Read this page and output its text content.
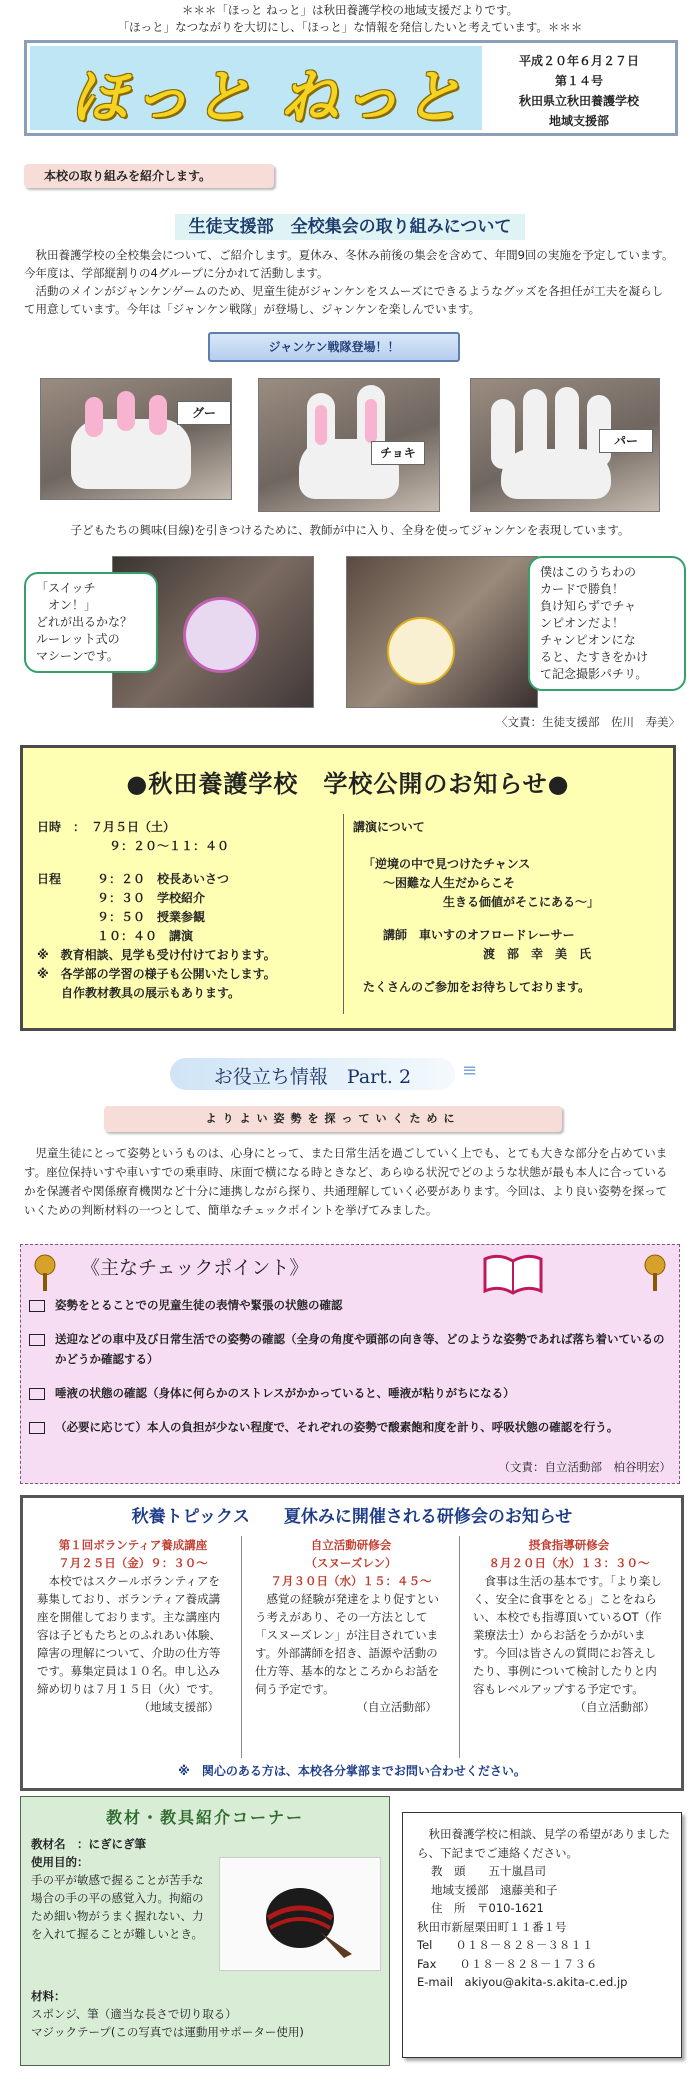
＊＊＊「ほっと ねっと」は秋田養護学校の地域支援だよりです。
「ほっと」なつながりを大切にし、「ほっと」な情報を発信したいと考えています。＊＊＊
ほっと ねっと
平成２０年６月２７日
第１４号
秋田県立秋田養護学校
地域支援部
本校の取り組みを紹介します。
生徒支援部　全校集会の取り組みについて
秋田養護学校の全校集会について、ご紹介します。夏休み、冬休み前後の集会を含めて、年間9回の実施を予定しています。今年度は、学部縦割りの4グループに分かれて活動します。
活動のメインがジャンケンゲームのため、児童生徒がジャンケンをスムーズにできるようなグッズを各担任が工夫を凝らして用意しています。今年は「ジャンケン戦隊」が登場し、ジャンケンを楽しんでいます。
ジャンケン戦隊登場！！
グー
チョキ
パー
子どもたちの興味(目線)を引きつけるために、教師が中に入り、全身を使ってジャンケンを表現しています。
「スイッチ
　オン！」
どれが出るかな？
ルーレット式の
マシーンです。
僕はこのうちわの
カードで勝負！
負け知らずでチャ
ンピオンだよ！
チャンピオンにな
ると、たすきをかけ
て記念撮影パチリ。
〈文責：生徒支援部　佐川　寿美〉
●秋田養護学校　学校公開のお知らせ●
日時　：　７月５日（土）
９：２０～１１：４０
日程	９：２０　校長あいさつ
９：３０　学校紹介
９：５０　授業参観
１０：４０　講演
※　教育相談、見学も受け付けております。
※　各学部の学習の様子も公開いたします。
　　自作教材教具の展示もあります。
講演について
「逆境の中で見つけたチャンス
～困難な人生だからこそ
生きる価値がそこにある～」
講師　車いすのオフロードレーサー
渡　部　幸　美　氏
たくさんのご参加をお待ちしております。
お役立ち情報　Part. 2	≡
よりよい姿勢を探っていくために
児童生徒にとって姿勢というものは、心身にとって、また日常生活を過ごしていく上でも、とても大きな部分を占めています。座位保持いすや車いすでの乗車時、床面で横になる時ときなど、あらゆる状況でどのような状態が最も本人に合っているかを保護者や関係療育機関など十分に連携しながら探り、共通理解していく必要があります。今回は、より良い姿勢を探っていくための判断材料の一つとして、簡単なチェックポイントを挙げてみました。
《主なチェックポイント》
姿勢をとることでの児童生徒の表情や緊張の状態の確認
送迎などの車中及び日常生活での姿勢の確認（全身の角度や頭部の向き等、どのような姿勢であれば落ち着いているのかどうか確認する）
唾液の状態の確認（身体に何らかのストレスがかかっていると、唾液が粘りがちになる）
（必要に応じて）本人の負担が少ない程度で、それぞれの姿勢で酸素飽和度を計り、呼吸状態の確認を行う。
（文責：自立活動部　柏谷明宏）
秋養トピックス　　夏休みに開催される研修会のお知らせ
第１回ボランティア養成講座
７月２５日（金）９：３０～
本校ではスクールボランティアを募集しており、ボランティア養成講座を開催しております。主な講座内容は子どもたちとのふれあい体験、障害の理解について、介助の仕方等です。募集定員は１０名。申し込み締め切りは７月１５日（火）です。
（地域支援部）
自立活動研修会
（スヌーズレン）
７月３０日（水）１５：４５～
感覚の経験が発達をより促すという考えがあり、その一方法として「スヌーズレン」が注目されています。外部講師を招き、語源や活動の仕方等、基本的なところからお話を伺う予定です。
（自立活動部）
摂食指導研修会
８月２０日（水）１３：３０～
食事は生活の基本です。「より楽しく、安全に食事をとる」ことをねらい、本校でも指導頂いているOT（作業療法士）からお話をうかがいます。今回は皆さんの質問にお答えしたり、事例について検討したりと内容もレベルアップする予定です。
（自立活動部）
※　関心のある方は、本校各分掌部までお問い合わせください。
教材・教具紹介コーナー
教材名　：にぎにぎ筆
使用目的：
手の平が敏感で握ることが苦手な場合の手の平の感覚入力。拘縮のため細い物がうまく握れない、力を入れて握ることが難しいとき。
材料：
スポンジ、筆（適当な長さで切り取る）
マジックテープ(この写真では運動用サポーター使用)
秋田養護学校に相談、見学の希望がありましたら、下記までご連絡ください。
教　頭　　五十嵐昌司
地域支援部　遠藤美和子
住　所　〒010-1621
秋田市新屋栗田町１１番１号
Tel　　０１８－８２８－３８１１
Fax　　０１８－８２８－１７３６
E-mail　akiyou@akita-s.akita-c.ed.jp
